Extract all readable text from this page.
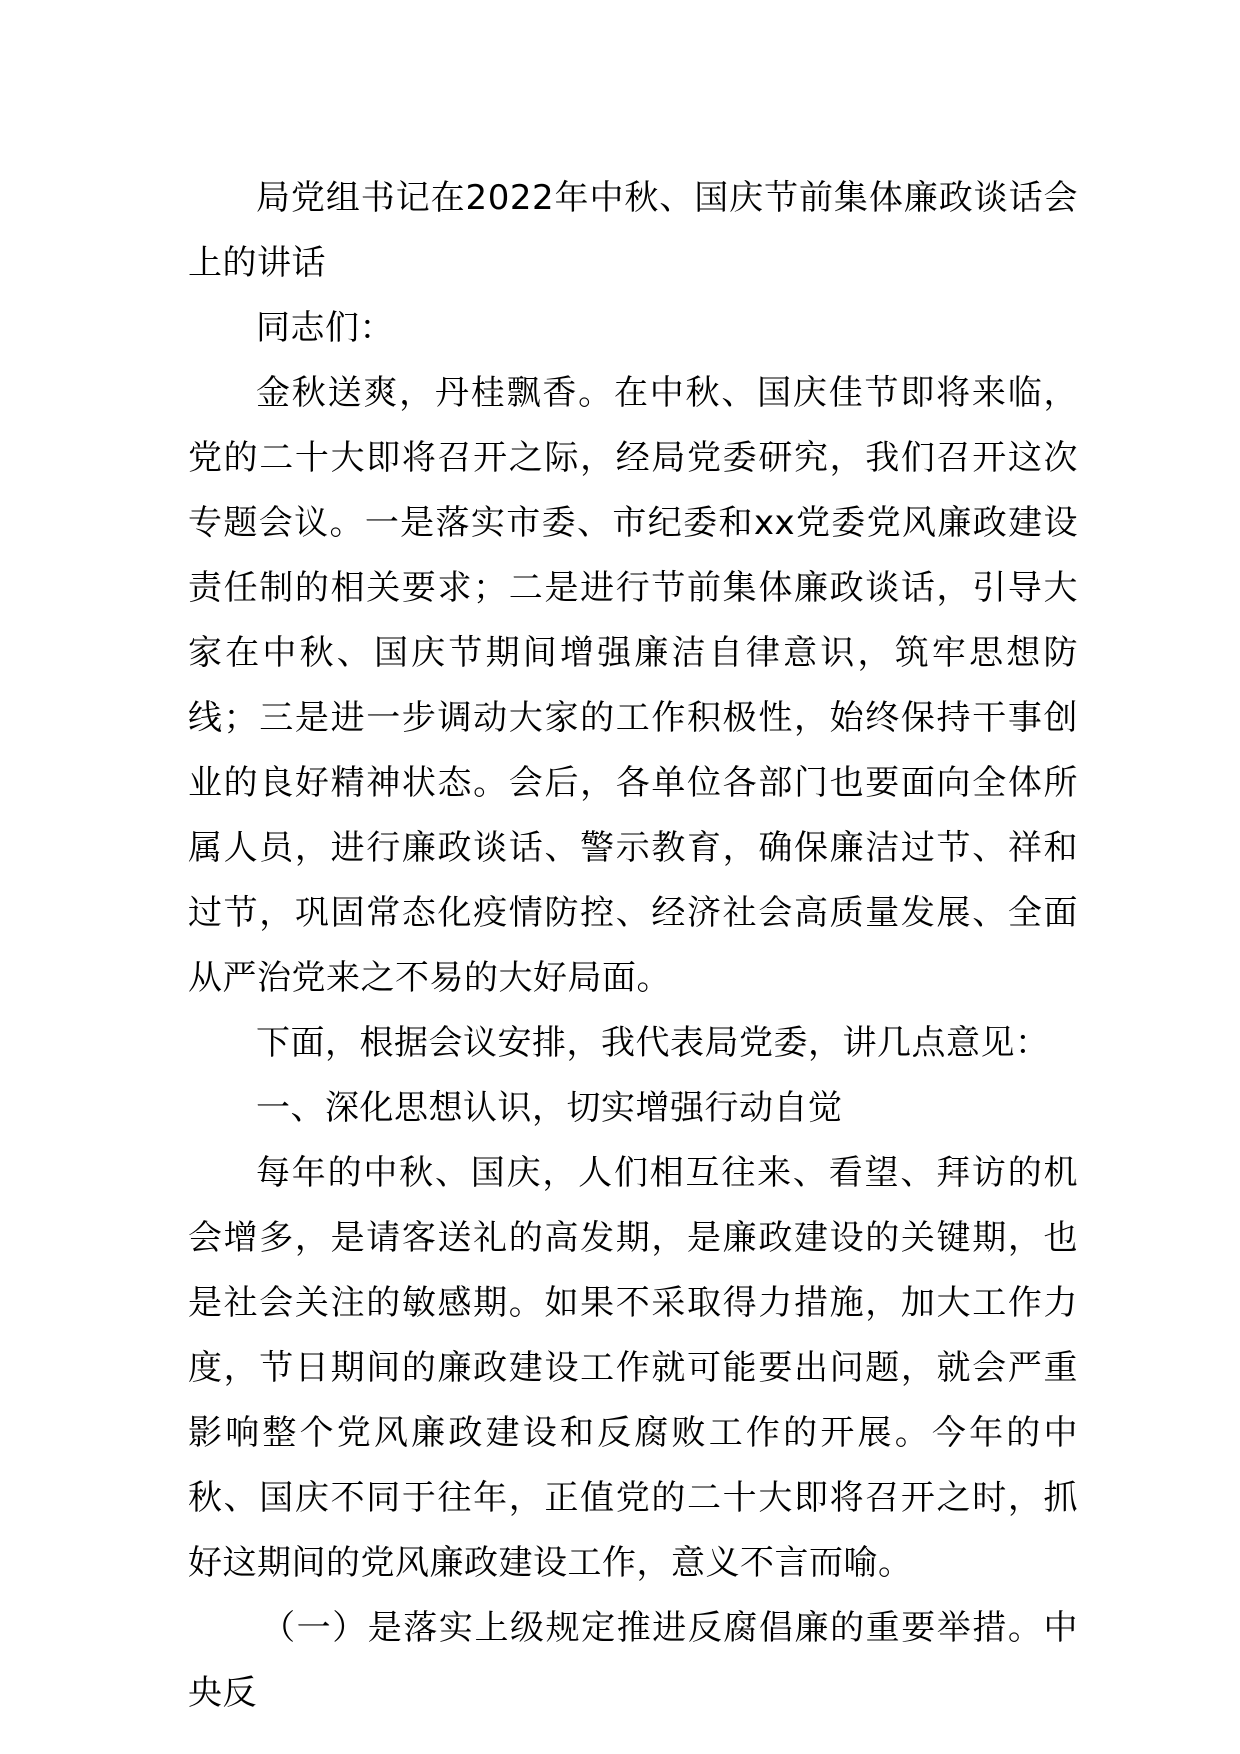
局党组书记在2022年中秋、国庆节前集体廉政谈话会上的讲话

同志们：

金秋送爽，丹桂飘香。在中秋、国庆佳节即将来临，党的二十大即将召开之际，经局党委研究，我们召开这次专题会议。一是落实市委、市纪委和xx党委党风廉政建设责任制的相关要求；二是进行节前集体廉政谈话，引导大家在中秋、国庆节期间增强廉洁自律意识，筑牢思想防线；三是进一步调动大家的工作积极性，始终保持干事创业的良好精神状态。会后，各单位各部门也要面向全体所属人员，进行廉政谈话、警示教育，确保廉洁过节、祥和过节，巩固常态化疫情防控、经济社会高质量发展、全面从严治党来之不易的大好局面。

下面，根据会议安排，我代表局党委，讲几点意见：

一、深化思想认识，切实增强行动自觉

每年的中秋、国庆，人们相互往来、看望、拜访的机会增多，是请客送礼的高发期，是廉政建设的关键期，也是社会关注的敏感期。如果不采取得力措施，加大工作力度，节日期间的廉政建设工作就可能要出问题，就会严重影响整个党风廉政建设和反腐败工作的开展。今年的中秋、国庆不同于往年，正值党的二十大即将召开之时，抓好这期间的党风廉政建设工作，意义不言而喻。

（一）是落实上级规定推进反腐倡廉的重要举措。中央反
